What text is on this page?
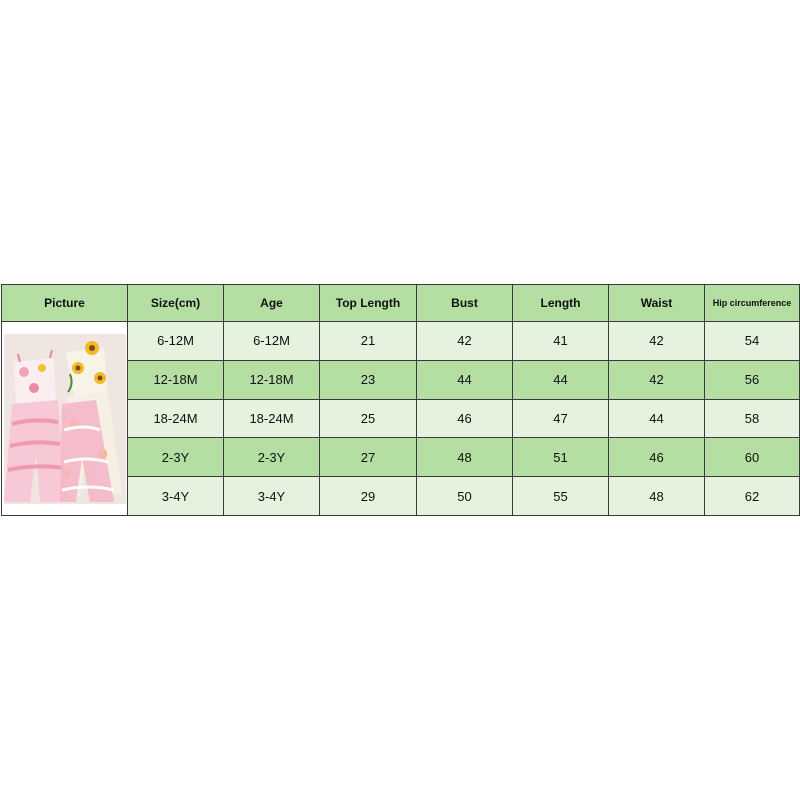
Picture	Size(cm)	Age	Top Length	Bust	Length	Waist	Hip circumference

	6-12M	6-12M	21	42	41	42	54
	12-18M	12-18M	23	44	44	42	56
	18-24M	18-24M	25	46	47	44	58
	2-3Y	2-3Y	27	48	51	46	60
	3-4Y	3-4Y	29	50	55	48	62
